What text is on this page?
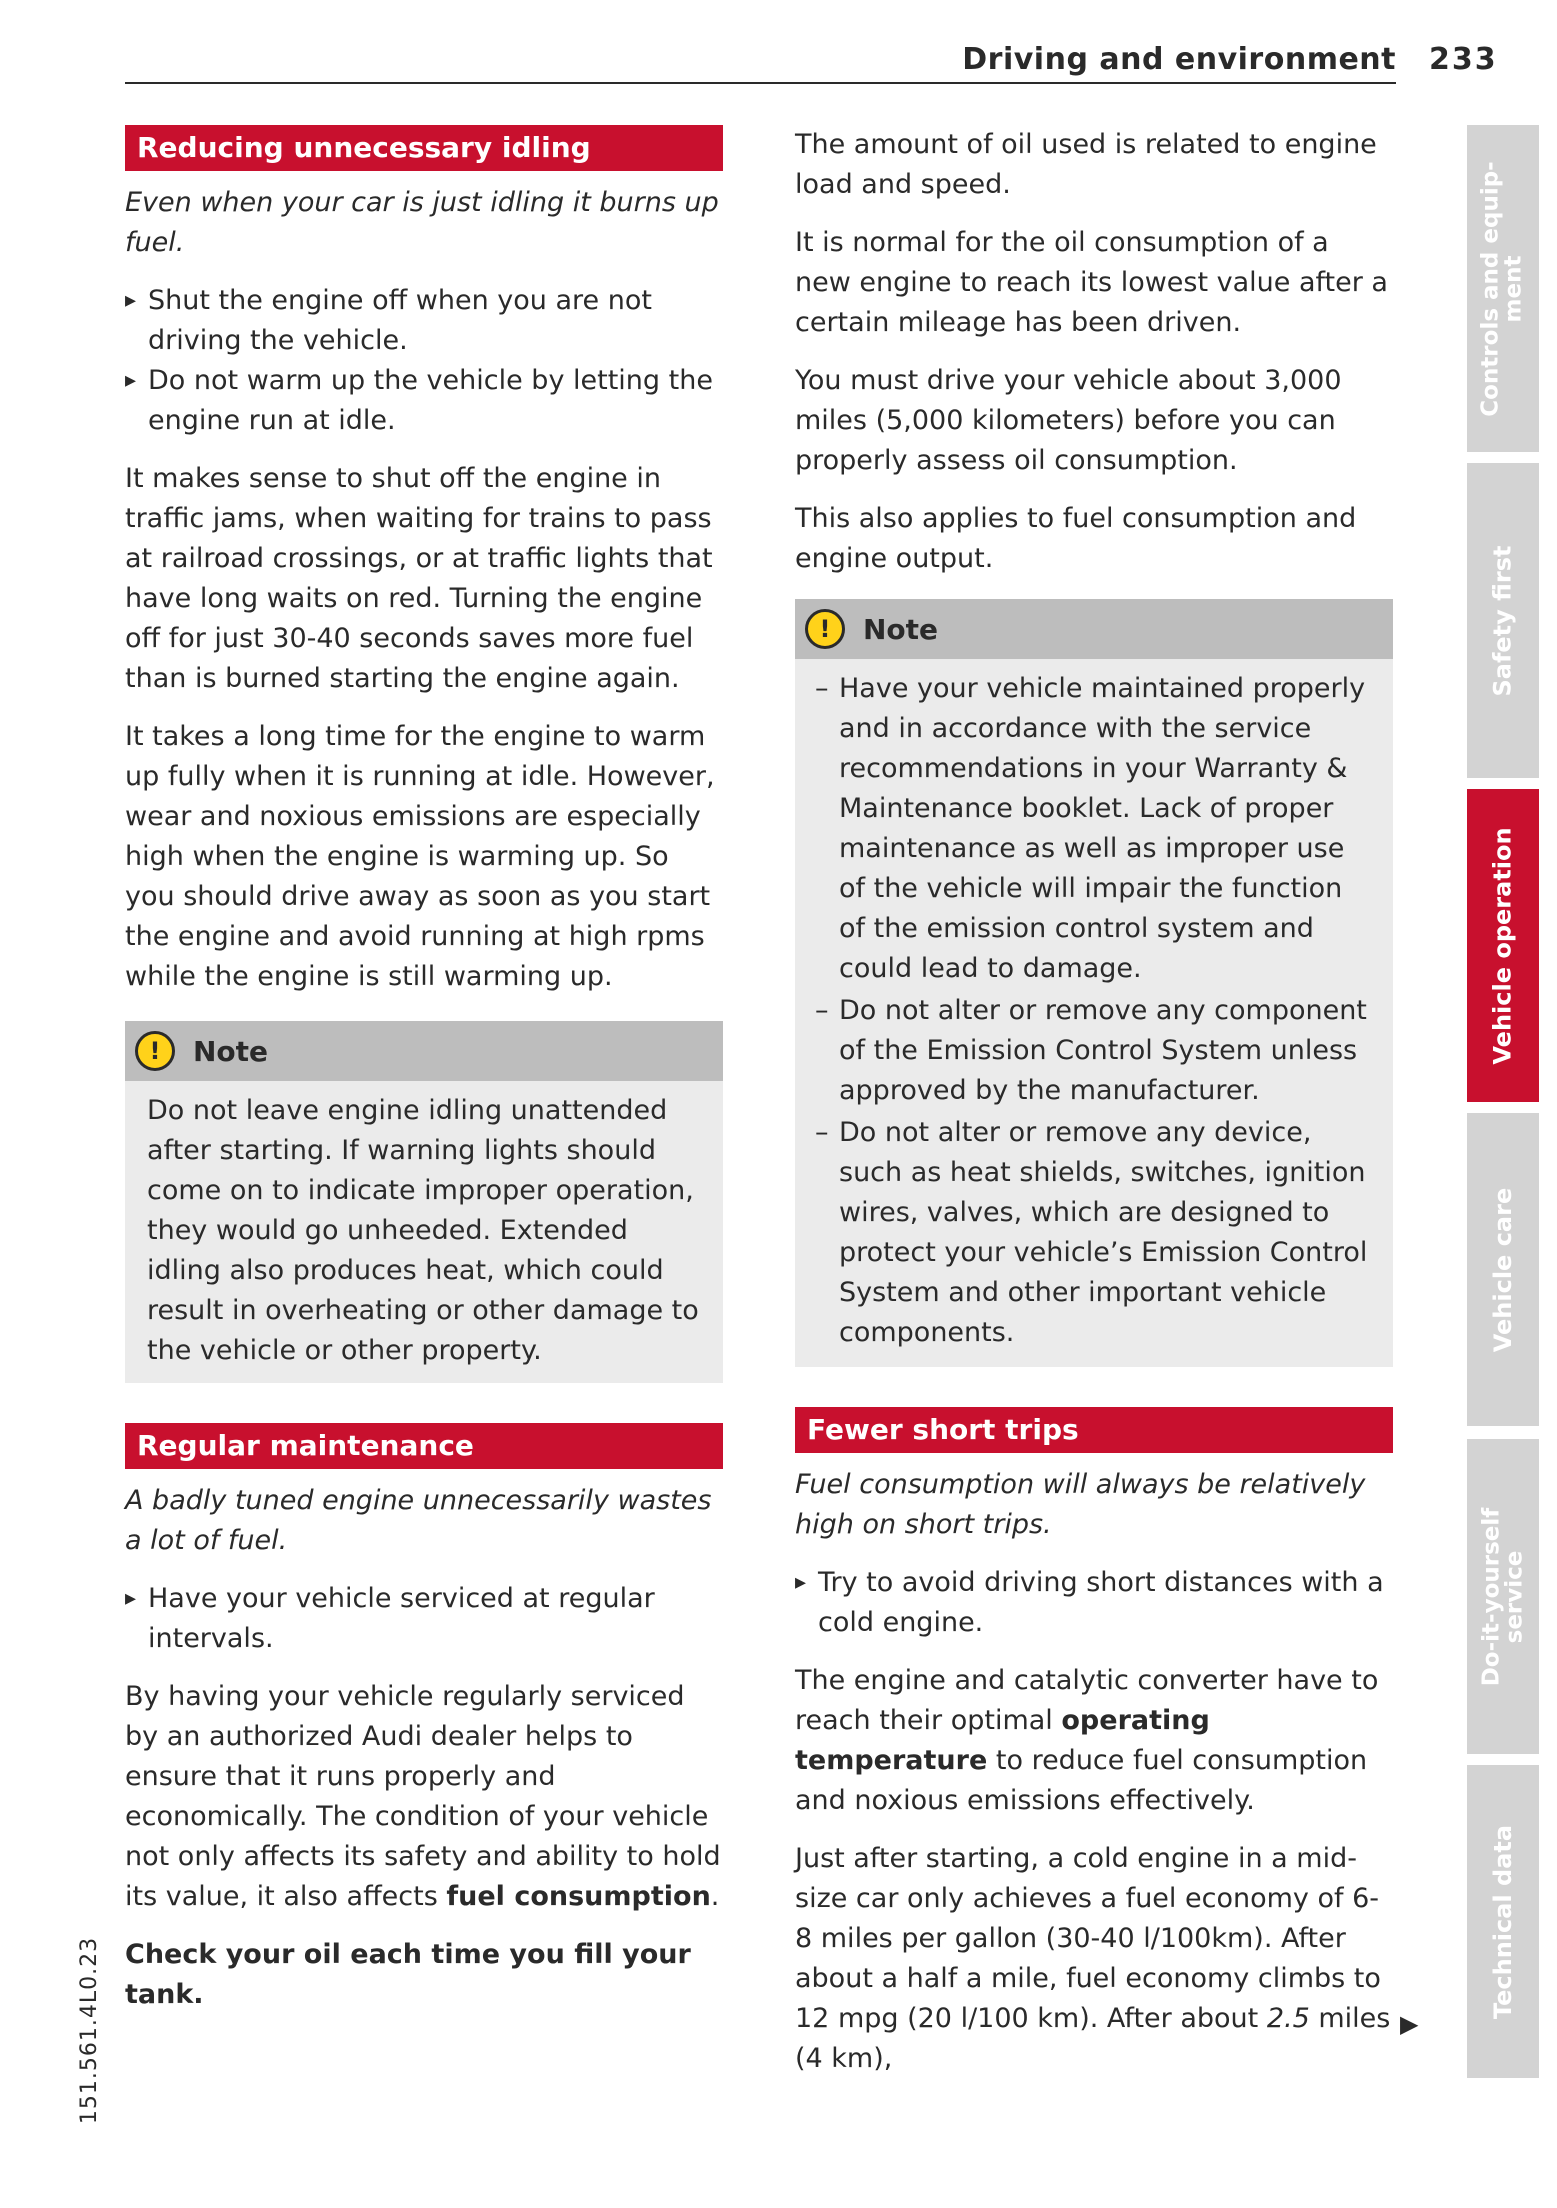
Driving and environment 233
Reducing unnecessary idling
Even when your car is just idling it burns up fuel.
▸ Shut the engine off when you are not driving the vehicle.
▸ Do not warm up the vehicle by letting the engine run at idle.

It makes sense to shut off the engine in traffic jams, when waiting for trains to pass at railroad crossings, or at traffic lights that have long waits on red. Turning the engine off for just 30-40 seconds saves more fuel than is burned starting the engine again.

It takes a long time for the engine to warm up fully when it is running at idle. However, wear and noxious emissions are especially high when the engine is warming up. So you should drive away as soon as you start the engine and avoid running at high rpms while the engine is still warming up.

!	Note
Do not leave engine idling unattended after starting. If warning lights should come on to indicate improper operation, they would go unheeded. Extended idling also produces heat, which could result in overheating or other damage to the vehicle or other property.
Regular maintenance
A badly tuned engine unnecessarily wastes a lot of fuel.
▸ Have your vehicle serviced at regular intervals.

By having your vehicle regularly serviced by an authorized Audi dealer helps to ensure that it runs properly and economically. The condition of your vehicle not only affects its safety and ability to hold its value, it also affects fuel consumption.

Check your oil each time you fill your tank.

The amount of oil used is related to engine load and speed.

It is normal for the oil consumption of a new engine to reach its lowest value after a certain mileage has been driven.

You must drive your vehicle about 3,000 miles (5,000 kilometers) before you can properly assess oil consumption.

This also applies to fuel consumption and engine output.

!	Note
– Have your vehicle maintained properly and in accordance with the service recommendations in your Warranty & Maintenance booklet. Lack of proper maintenance as well as improper use of the vehicle will impair the function of the emission control system and could lead to damage.
– Do not alter or remove any component of the Emission Control System unless approved by the manufacturer.
– Do not alter or remove any device, such as heat shields, switches, ignition wires, valves, which are designed to protect your vehicle’s Emission Control System and other important vehicle components.
Fewer short trips
Fuel consumption will always be relatively high on short trips.
▸ Try to avoid driving short distances with a cold engine.

The engine and catalytic converter have to reach their optimal operating temperature to reduce fuel consumption and noxious emissions effectively.

Just after starting, a cold engine in a mid-size car only achieves a fuel economy of 6-8 miles per gallon (30-40 l/100km). After about a half a mile, fuel economy climbs to 12 mpg (20 l/100 km). After about 2.5 miles (4 km),

▶
Controls and equip-
ment
Safety first
Vehicle operation
Vehicle care
Do-it-yourself
service
Technical data
151.561.4L0.23
